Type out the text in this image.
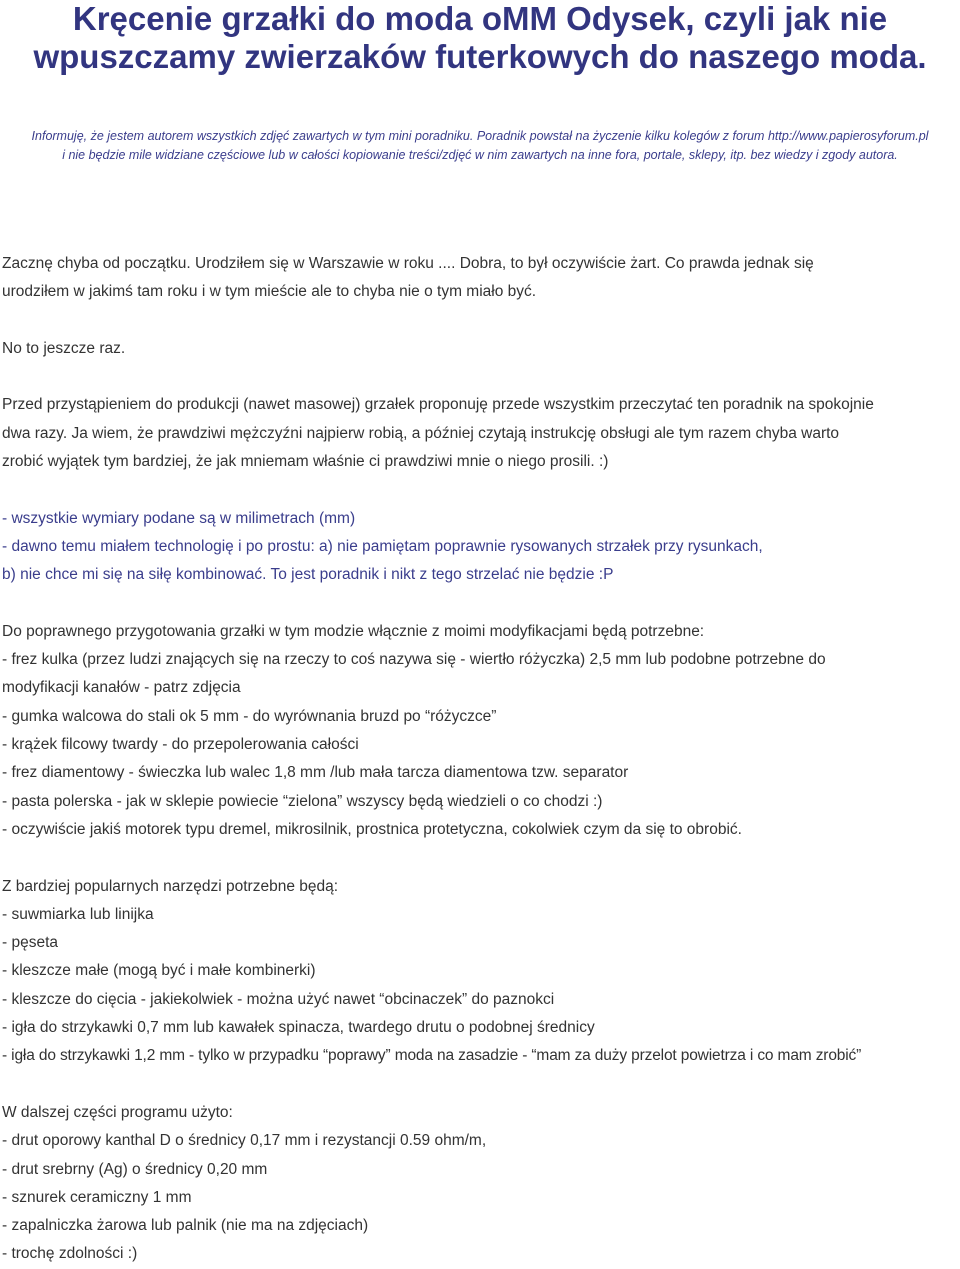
Kręcenie grzałki do moda oMM Odysek, czyli jak nie
wpuszczamy zwierzaków futerkowych do naszego moda.
Informuję, że jestem autorem wszystkich zdjęć zawartych w tym mini poradniku. Poradnik powstał na życzenie kilku kolegów z forum http://www.papierosyforum.pl
i nie będzie mile widziane częściowe lub w całości kopiowanie treści/zdjęć w nim zawartych na inne fora, portale, sklepy, itp. bez wiedzy i zgody autora.
Zacznę chyba od początku. Urodziłem się w Warszawie w roku .... Dobra, to był oczywiście żart. Co prawda jednak się
urodziłem w jakimś tam roku i w tym mieście ale to chyba nie o tym miało być.
No to jeszcze raz.
Przed przystąpieniem do produkcji (nawet masowej) grzałek proponuję przede wszystkim przeczytać ten poradnik na spokojnie
dwa razy. Ja wiem, że prawdziwi mężczyźni najpierw robią, a później czytają instrukcję obsługi ale tym razem chyba warto
zrobić wyjątek tym bardziej, że jak mniemam właśnie ci prawdziwi mnie o niego prosili. :)
- wszystkie wymiary podane są w milimetrach (mm)
- dawno temu miałem technologię i po prostu: a) nie pamiętam poprawnie rysowanych strzałek przy rysunkach,
b) nie chce mi się na siłę kombinować. To jest poradnik i nikt z tego strzelać nie będzie :P
Do poprawnego przygotowania grzałki w tym modzie włącznie z moimi modyfikacjami będą potrzebne:
- frez kulka (przez ludzi znających się na rzeczy to coś nazywa się - wiertło różyczka) 2,5 mm lub podobne potrzebne do
modyfikacji kanałów - patrz zdjęcia
- gumka walcowa do stali ok 5 mm - do wyrównania bruzd po “różyczce”
- krążek filcowy twardy - do przepolerowania całości
- frez diamentowy - świeczka lub walec 1,8 mm /lub mała tarcza diamentowa tzw. separator
- pasta polerska - jak w sklepie powiecie “zielona” wszyscy będą wiedzieli o co chodzi :)
- oczywiście jakiś motorek typu dremel, mikrosilnik, prostnica protetyczna, cokolwiek czym da się to obrobić.
Z bardziej popularnych narzędzi potrzebne będą:
- suwmiarka lub linijka
- pęseta
- kleszcze małe (mogą być i małe kombinerki)
- kleszcze do cięcia - jakiekolwiek - można użyć nawet “obcinaczek” do paznokci
- igła do strzykawki 0,7 mm lub kawałek spinacza, twardego drutu o podobnej średnicy
- igła do strzykawki 1,2 mm - tylko w przypadku “poprawy” moda na zasadzie - “mam za duży przelot powietrza i co mam zrobić”
W dalszej części programu użyto:
- drut oporowy kanthal D o średnicy 0,17 mm i rezystancji 0.59 ohm/m,
- drut srebrny (Ag) o średnicy 0,20 mm
- sznurek ceramiczny 1 mm
- zapalniczka żarowa lub palnik (nie ma na zdjęciach)
- trochę zdolności :)
